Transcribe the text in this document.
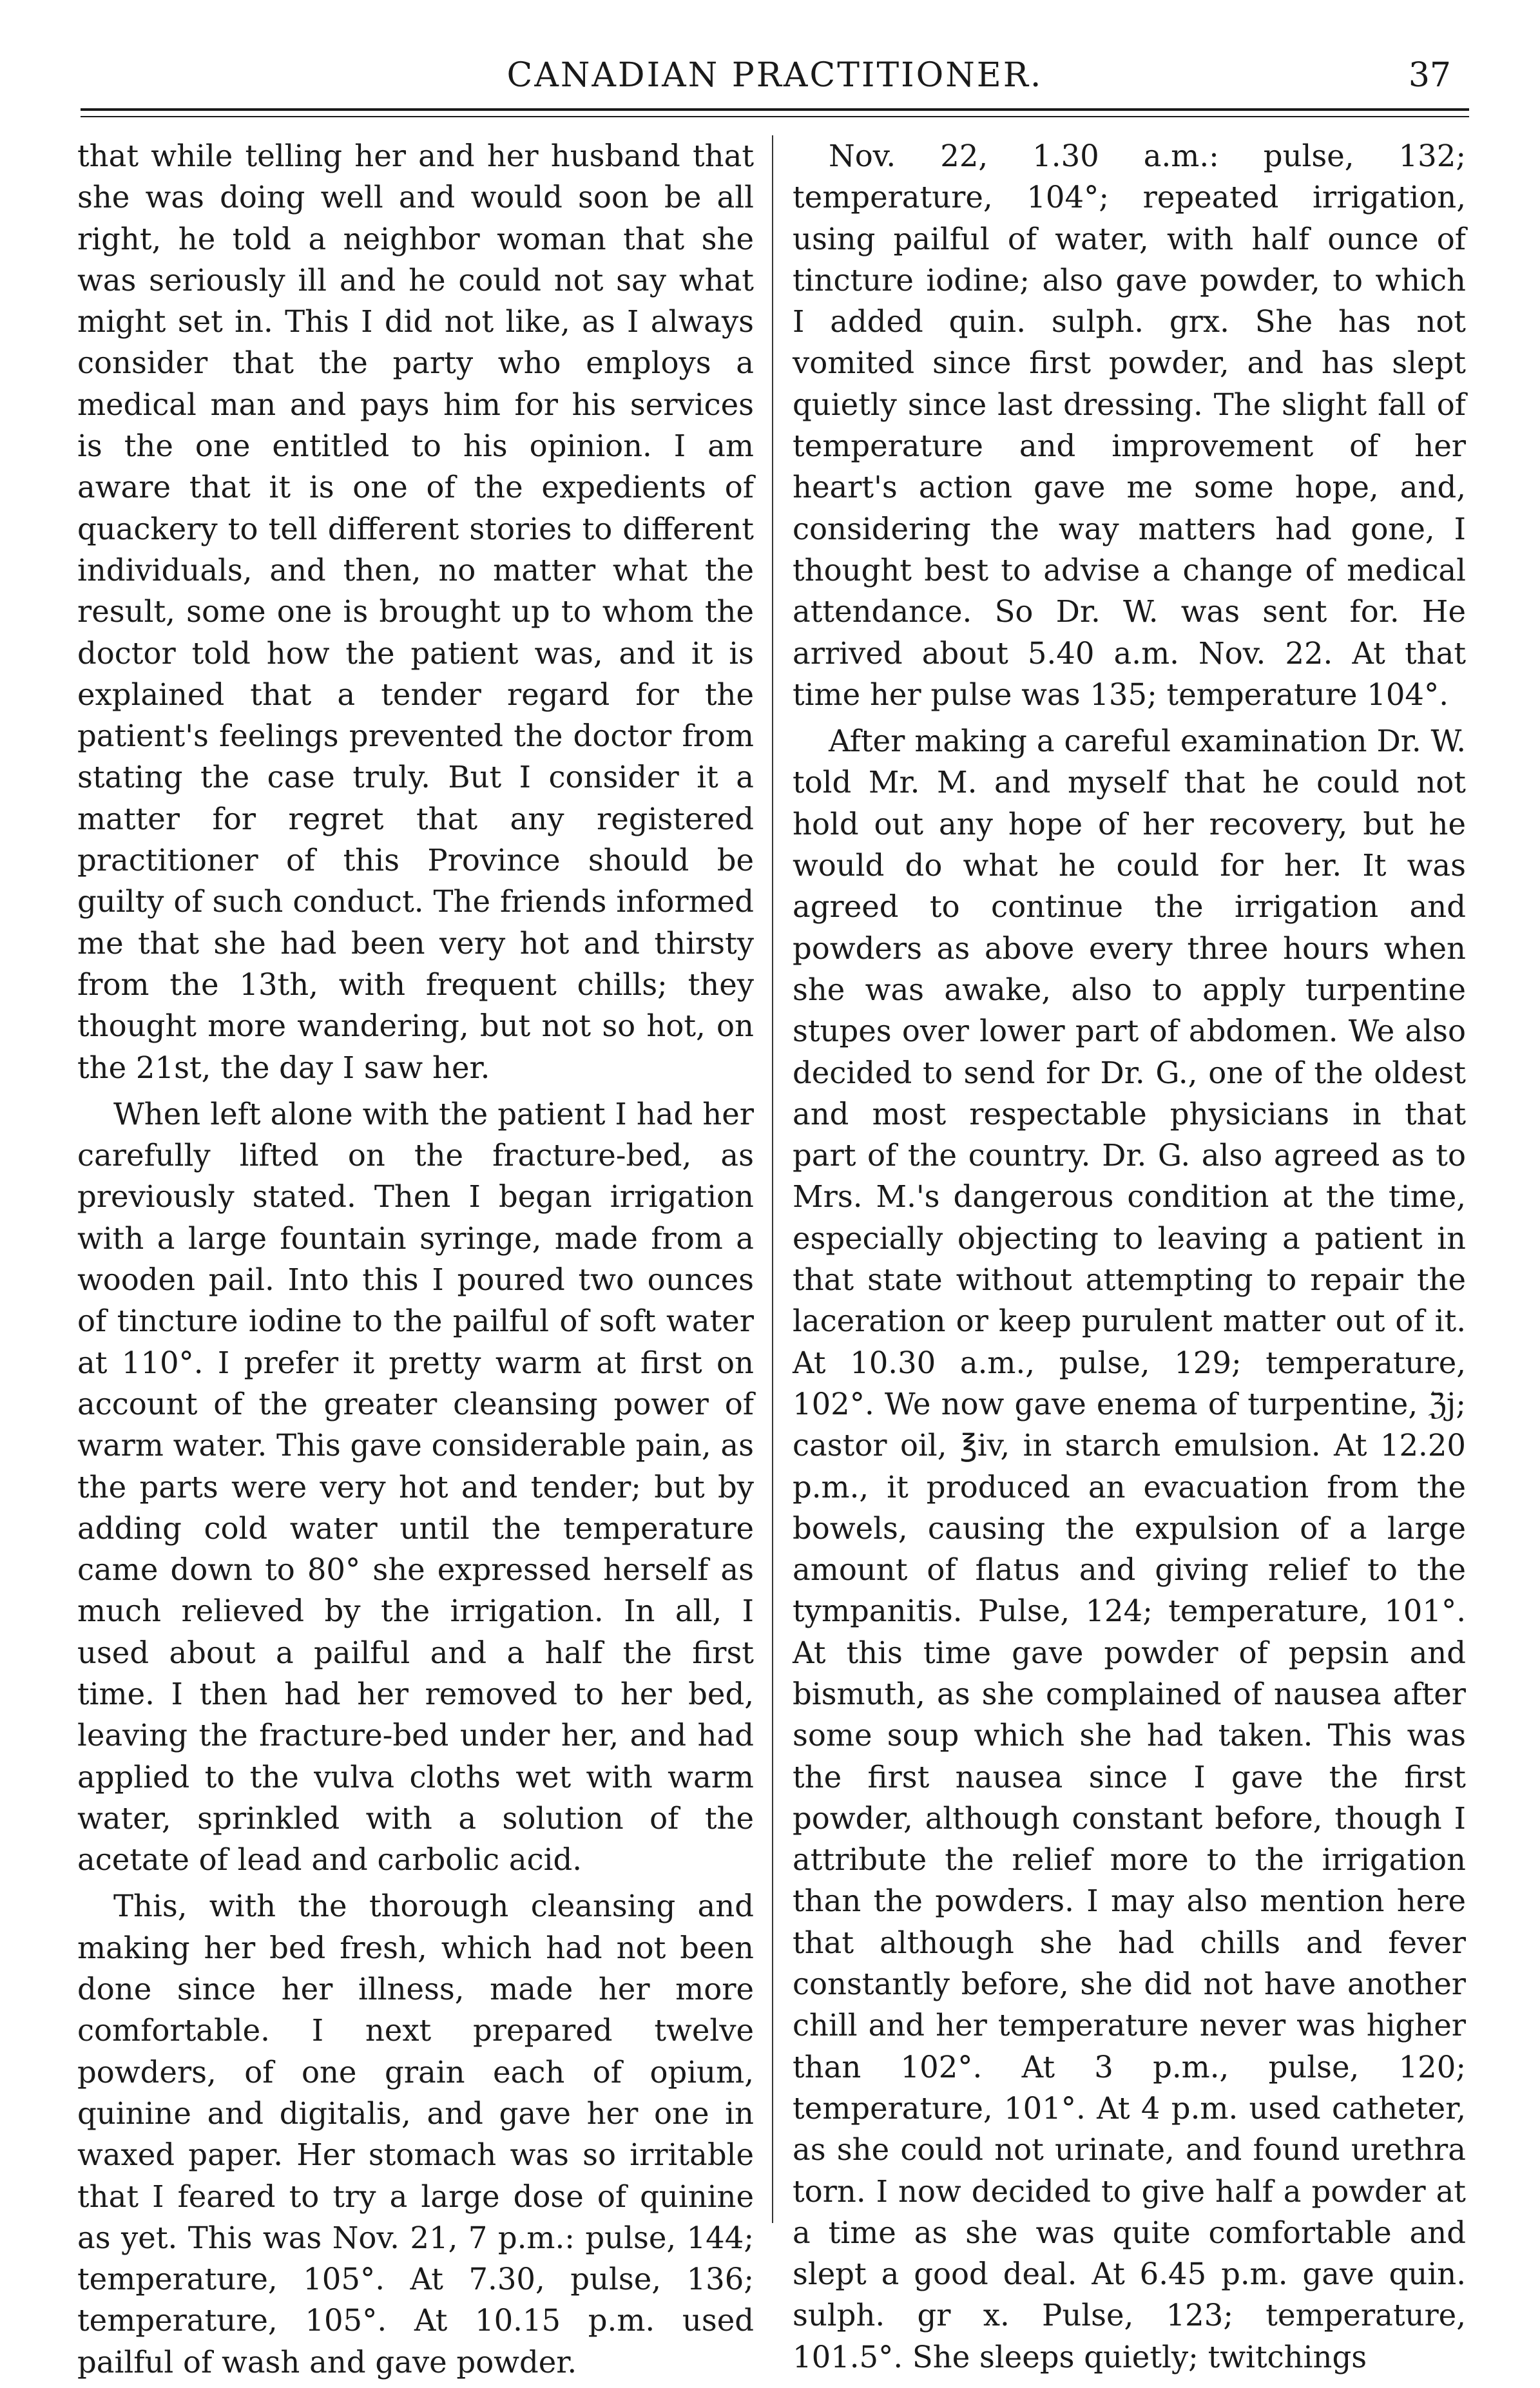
CANADIAN PRACTITIONER.	37

that while telling her and her husband that she was doing well and would soon be all right, he told a neighbor woman that she was seriously ill and he could not say what might set in. This I did not like, as I always consider that the party who employs a medical man and pays him for his services is the one entitled to his opinion. I am aware that it is one of the expedients of quackery to tell different stories to different individuals, and then, no matter what the result, some one is brought up to whom the doctor told how the patient was, and it is explained that a tender regard for the patient's feelings prevented the doctor from stating the case truly. But I consider it a matter for regret that any registered practitioner of this Province should be guilty of such conduct. The friends informed me that she had been very hot and thirsty from the 13th, with frequent chills; they thought more wandering, but not so hot, on the 21st, the day I saw her.

When left alone with the patient I had her carefully lifted on the fracture-bed, as previously stated. Then I began irrigation with a large fountain syringe, made from a wooden pail. Into this I poured two ounces of tincture iodine to the pailful of soft water at 110°. I prefer it pretty warm at first on account of the greater cleansing power of warm water. This gave considerable pain, as the parts were very hot and tender; but by adding cold water until the temperature came down to 80° she expressed herself as much relieved by the irrigation. In all, I used about a pailful and a half the first time. I then had her removed to her bed, leaving the fracture-bed under her, and had applied to the vulva cloths wet with warm water, sprinkled with a solution of the acetate of lead and carbolic acid.

This, with the thorough cleansing and making her bed fresh, which had not been done since her illness, made her more comfortable. I next prepared twelve powders, of one grain each of opium, quinine and digitalis, and gave her one in waxed paper. Her stomach was so irritable that I feared to try a large dose of quinine as yet. This was Nov. 21, 7 p.m.: pulse, 144; temperature, 105°. At 7.30, pulse, 136; temperature, 105°. At 10.15 p.m. used pailful of wash and gave powder.

Nov. 22, 1.30 a.m.: pulse, 132; temperature, 104°; repeated irrigation, using pailful of water, with half ounce of tincture iodine; also gave powder, to which I added quin. sulph. grx. She has not vomited since first powder, and has slept quietly since last dressing. The slight fall of temperature and improvement of her heart's action gave me some hope, and, considering the way matters had gone, I thought best to advise a change of medical attendance. So Dr. W. was sent for. He arrived about 5.40 a.m. Nov. 22. At that time her pulse was 135; temperature 104°.

After making a careful examination Dr. W. told Mr. M. and myself that he could not hold out any hope of her recovery, but he would do what he could for her. It was agreed to continue the irrigation and powders as above every three hours when she was awake, also to apply turpentine stupes over lower part of abdomen. We also decided to send for Dr. G., one of the oldest and most respectable physicians in that part of the country. Dr. G. also agreed as to Mrs. M.'s dangerous condition at the time, especially objecting to leaving a patient in that state without attempting to repair the laceration or keep purulent matter out of it. At 10.30 a.m., pulse, 129; temperature, 102°. We now gave enema of turpentine, ℨj; castor oil, ℥iv, in starch emulsion. At 12.20 p.m., it produced an evacuation from the bowels, causing the expulsion of a large amount of flatus and giving relief to the tympanitis. Pulse, 124; temperature, 101°. At this time gave powder of pepsin and bismuth, as she complained of nausea after some soup which she had taken. This was the first nausea since I gave the first powder, although constant before, though I attribute the relief more to the irrigation than the powders. I may also mention here that although she had chills and fever constantly before, she did not have another chill and her temperature never was higher than 102°. At 3 p.m., pulse, 120; temperature, 101°. At 4 p.m. used catheter, as she could not urinate, and found urethra torn. I now decided to give half a powder at a time as she was quite comfortable and slept a good deal. At 6.45 p.m. gave quin. sulph. gr x. Pulse, 123; temperature, 101.5°. She sleeps quietly; twitchings
